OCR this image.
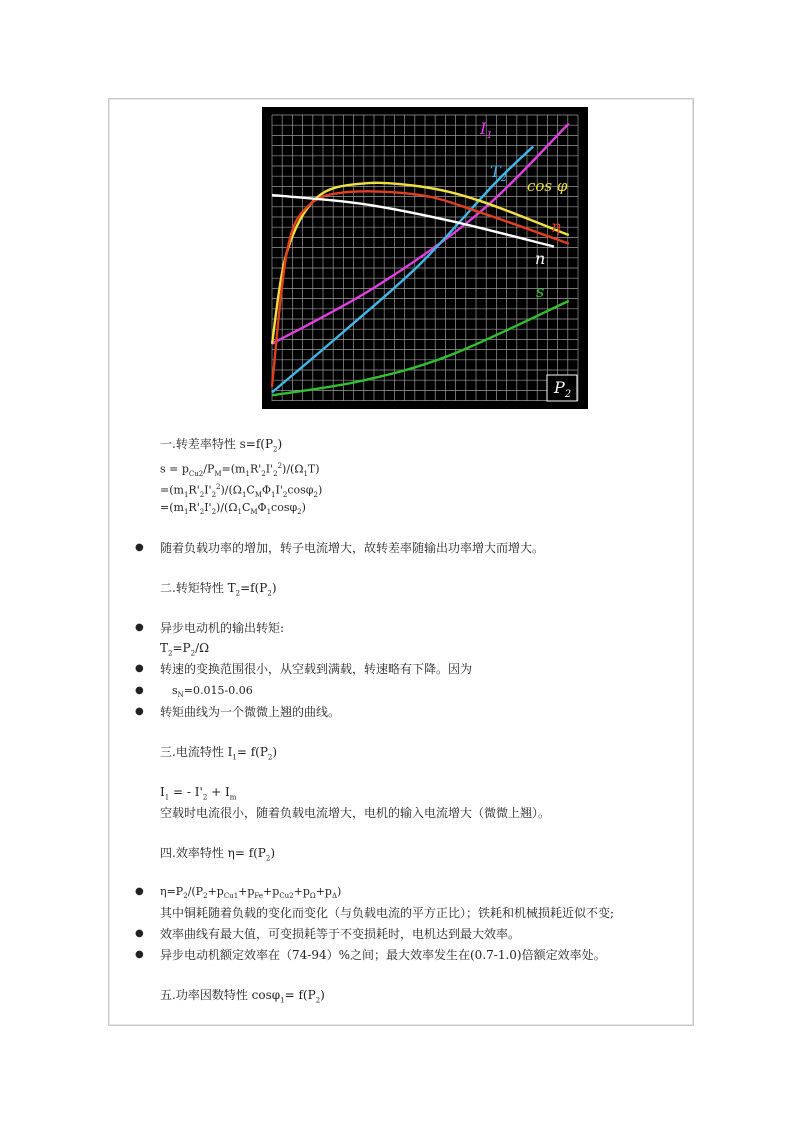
$I_1$
$T_2$ cos φ
η
n
s
$P_2$
一.转差率特性 $s=f(P_2)$
$s = p_{Cu2}/P_M=(m_1R'_2I'_2^2)/(\Omega_1T)$
$=(m_1R'_2I'_2^2)/(\Omega_1C_M\Phi_1I'_2\cos\varphi_2)$
$=(m_1R'_2I'_2)/(\Omega_1C_M\Phi_1\cos\varphi_2)$
● 随着负载功率的增加，转子电流增大，故转差率随输出功率增大而增大。
二.转矩特性 $T_2=f(P_2)$
● 异步电动机的输出转矩:
$T_2=P_2/\Omega$
● 转速的变换范围很小，从空载到满载，转速略有下降。因为
●	$s_N=0.015-0.06$
● 转矩曲线为一个微微上翘的曲线。
三.电流特性 $I_1= f(P_2)$
$I_1$ = - $I'_2 + I_m$
空载时电流很小，随着负载电流增大，电机的输入电流增大（微微上翘）。
四.效率特性 $\eta= f(P_2)$
● $\eta=P_2/(P_2+p_{Cu1}+p_{Fe}+p_{Cu2}+p_\Omega+p_\Delta)$
其中铜耗随着负载的变化而变化（与负载电流的平方正比）；铁耗和机械损耗近似不变;
● 效率曲线有最大值，可变损耗等于不变损耗时，电机达到最大效率。
● 异步电动机额定效率在（74-94）%之间；最大效率发生在(0.7-1.0)倍额定效率处。
五.功率因数特性 $\cos\varphi_1= f(P_2)$
